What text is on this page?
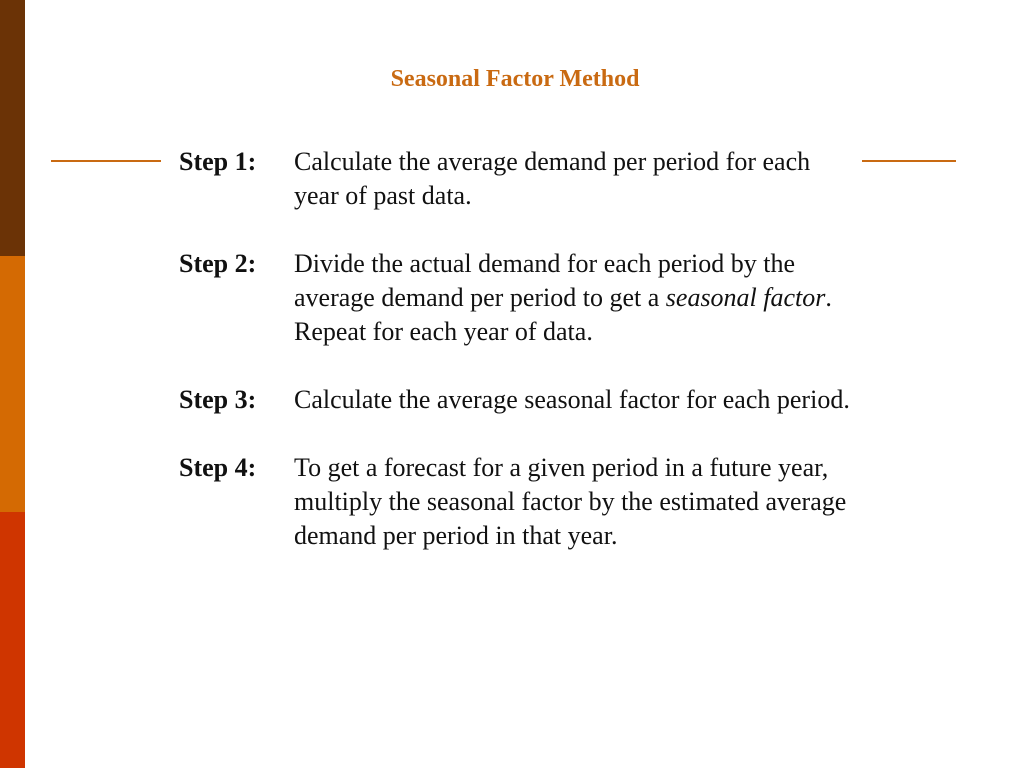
Seasonal Factor Method
Step 1:	Calculate the average demand per period for each year of past data.
Step 2:	Divide the actual demand for each period by the average demand per period to get a seasonal factor. Repeat for each year of data.
Step 3:	Calculate the average seasonal factor for each period.
Step 4:	To get a forecast for a given period in a future year, multiply the seasonal factor by the estimated average demand per period in that year.
